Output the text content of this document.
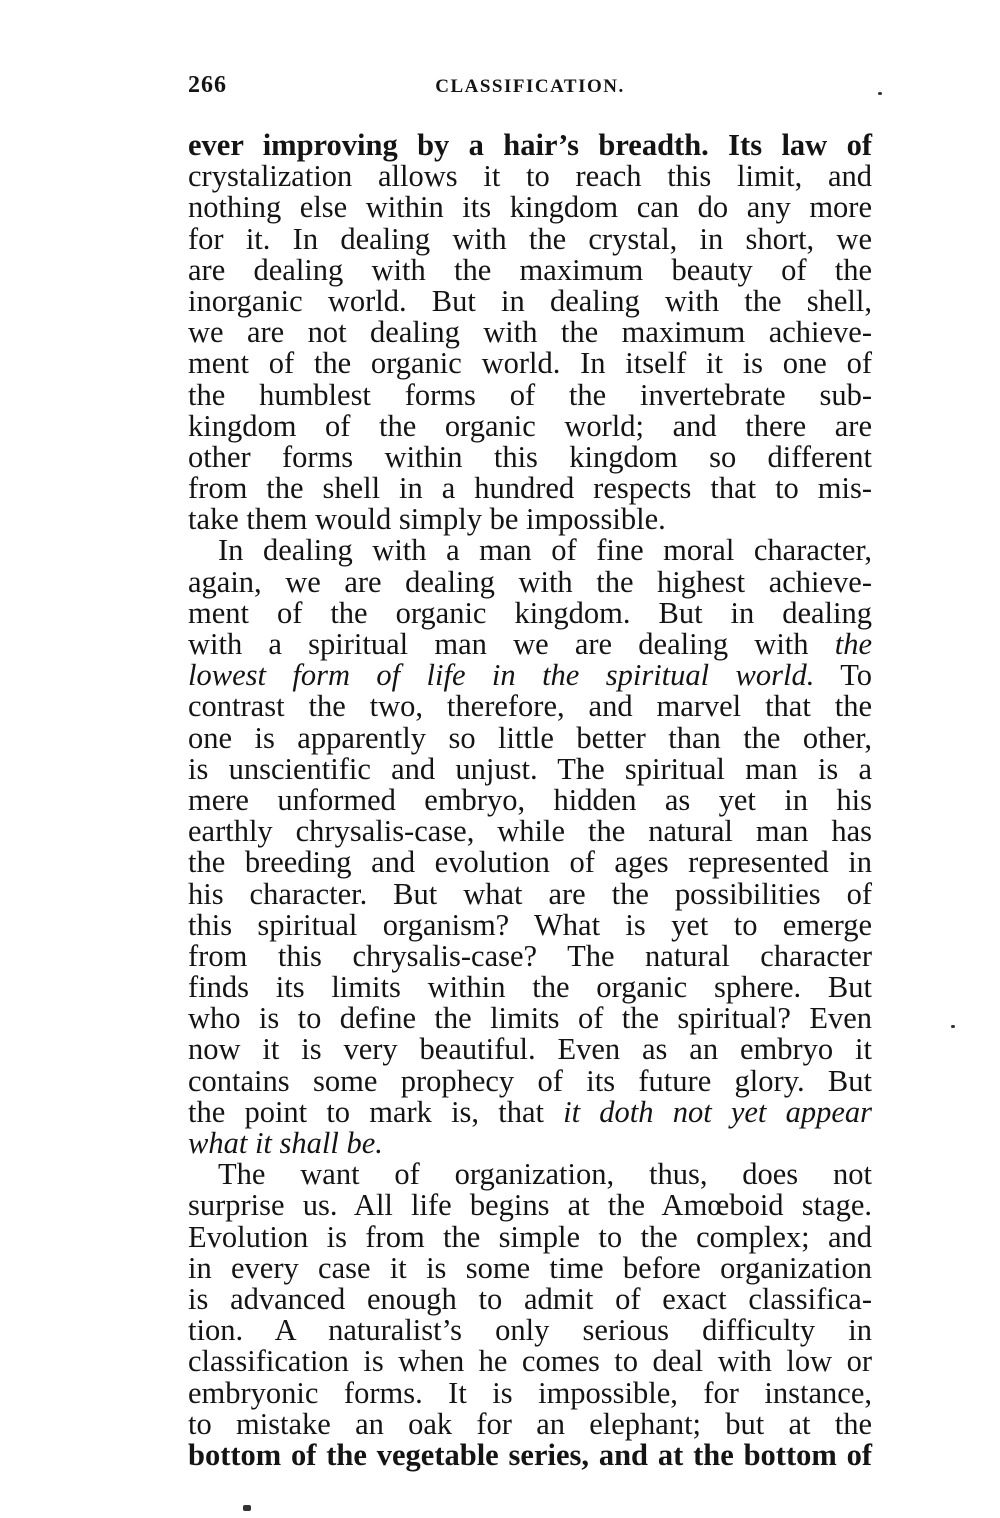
266	CLASSIFICATION.
ever improving by a hair’s breadth. Its law of
crystalization allows it to reach this limit, and
nothing else within its kingdom can do any more
for it. In dealing with the crystal, in short, we
are dealing with the maximum beauty of the
inorganic world. But in dealing with the shell,
we are not dealing with the maximum achieve-
ment of the organic world. In itself it is one of
the humblest forms of the invertebrate sub-
kingdom of the organic world; and there are
other forms within this kingdom so different
from the shell in a hundred respects that to mis-
take them would simply be impossible.
In dealing with a man of fine moral character,
again, we are dealing with the highest achieve-
ment of the organic kingdom. But in dealing
with a spiritual man we are dealing with the
lowest form of life in the spiritual world. To
contrast the two, therefore, and marvel that the
one is apparently so little better than the other,
is unscientific and unjust. The spiritual man is a
mere unformed embryo, hidden as yet in his
earthly chrysalis-case, while the natural man has
the breeding and evolution of ages represented in
his character. But what are the possibilities of
this spiritual organism? What is yet to emerge
from this chrysalis-case? The natural character
finds its limits within the organic sphere. But
who is to define the limits of the spiritual? Even
now it is very beautiful. Even as an embryo it
contains some prophecy of its future glory. But
the point to mark is, that it doth not yet appear
what it shall be.
The want of organization, thus, does not
surprise us. All life begins at the Amœboid stage.
Evolution is from the simple to the complex; and
in every case it is some time before organization
is advanced enough to admit of exact classifica-
tion. A naturalist’s only serious difficulty in
classification is when he comes to deal with low or
embryonic forms. It is impossible, for instance,
to mistake an oak for an elephant; but at the
bottom of the vegetable series, and at the bottom of
